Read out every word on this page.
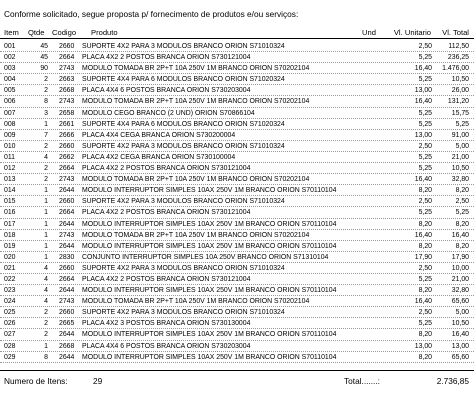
Conforme solicitado, segue proposta p/ fornecimento de produtos e/ou serviços:
Item Qtde Codigo Produto	Und	Vl. Unitario	Vl. Total
001	45 2660 SUPORTE 4X2 PARA 3 MODULOS BRANCO ORION S71010324	2,50	112,50
002	45 2664 PLACA 4X2 2 POSTOS BRANCA ORION S730121004	5,25	236,25
003	90 2743 MODULO TOMADA BR 2P+T 10A 250V 1M BRANCO ORION S70202104	16,40	1.476,00
004	2 2663 SUPORTE 4X4 PARA 6 MODULOS BRANCO ORION S71020324	5,25	10,50
005	2 2668 PLACA 4X4 6 POSTOS BRANCA ORION S730203004	13,00	26,00
006	8 2743 MODULO TOMADA BR 2P+T 10A 250V 1M BRANCO ORION S70202104	16,40	131,20
007	3 2658 MODULO CEGO BRANCO (2 UND) ORION S70866104	5,25	15,75
008	1 2661 SUPORTE 4X4 PARA 6 MODULOS BRANCO ORION S71020324	5,25	5,25
009	7 2666 PLACA 4X4 CEGA BRANCA ORION S730200004	13,00	91,00
010	2 2660 SUPORTE 4X2 PARA 3 MODULOS BRANCO ORION S71010324	2,50	5,00
011	4 2662 PLACA 4X2 CEGA BRANCA ORION S730100004	5,25	21,00
012	2 2664 PLACA 4X2 2 POSTOS BRANCA ORION S730121004	5,25	10,50
013	2 2743 MODULO TOMADA BR 2P+T 10A 250V 1M BRANCO ORION S70202104	16,40	32,80
014	1 2644 MODULO INTERRUPTOR SIMPLES 10AX 250V 1M BRANCO ORION S70110104	8,20	8,20
015	1 2660 SUPORTE 4X2 PARA 3 MODULOS BRANCO ORION S71010324	2,50	2,50
016	1 2664 PLACA 4X2 2 POSTOS BRANCA ORION S730121004	5,25	5,25
017	1 2644 MODULO INTERRUPTOR SIMPLES 10AX 250V 1M BRANCO ORION S70110104	8,20	8,20
018	1 2743 MODULO TOMADA BR 2P+T 10A 250V 1M BRANCO ORION S70202104	16,40	16,40
019	1 2644 MODULO INTERRUPTOR SIMPLES 10AX 250V 1M BRANCO ORION S70110104	8,20	8,20
020	1 2830 CONJUNTO INTERRUPTOR SIMPLES 10A 250V BRANCO ORION S71310104	17,90	17,90
021	4 2660 SUPORTE 4X2 PARA 3 MODULOS BRANCO ORION S71010324	2,50	10,00
022	4 2664 PLACA 4X2 2 POSTOS BRANCA ORION S730121004	5,25	21,00
023	4 2644 MODULO INTERRUPTOR SIMPLES 10AX 250V 1M BRANCO ORION S70110104	8,20	32,80
024	4 2743 MODULO TOMADA BR 2P+T 10A 250V 1M BRANCO ORION S70202104	16,40	65,60
025	2 2660 SUPORTE 4X2 PARA 3 MODULOS BRANCO ORION S71010324	2,50	5,00
026	2 2665 PLACA 4X2 3 POSTOS BRANCA ORION S730130004	5,25	10,50
027	2 2644 MODULO INTERRUPTOR SIMPLES 10AX 250V 1M BRANCO ORION S70110104	8,20	16,40
028	1 2668 PLACA 4X4 6 POSTOS BRANCA ORION S730203004	13,00	13,00
029	8 2644 MODULO INTERRUPTOR SIMPLES 10AX 250V 1M BRANCO ORION S70110104	8,20	65,60
Numero de Itens:	29	Total.......:	2.736,85
